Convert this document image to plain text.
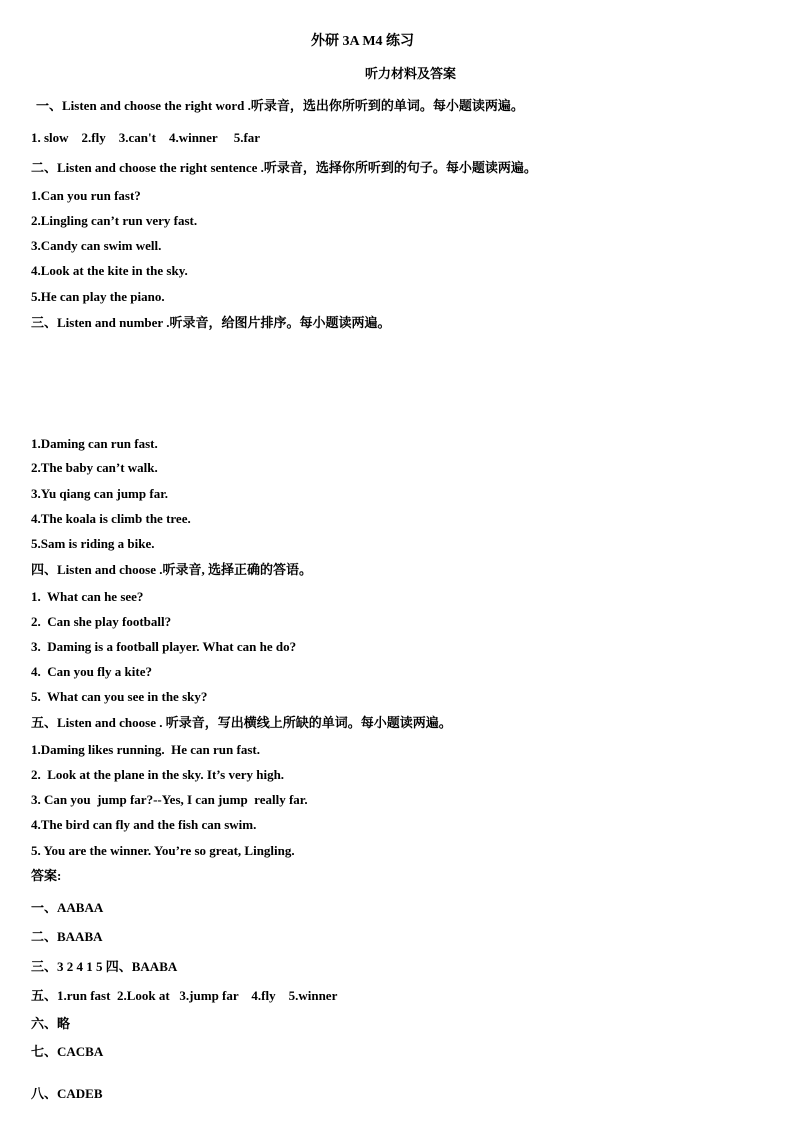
外研 3A M4 练习
听力材料及答案
一、Listen and choose the right word .听录音，选出你所听到的单词。每小题读两遍。
1. slow    2.fly    3.can't    4.winner     5.far
二、Listen and choose the right sentence .听录音，选择你所听到的句子。每小题读两遍。
1.Can you run fast?
2.Lingling can’t run very fast.
3.Candy can swim well.
4.Look at the kite in the sky.
5.He can play the piano.
三、Listen and number .听录音，给图片排序。每小题读两遍。
1.Daming can run fast.
2.The baby can’t walk.
3.Yu qiang can jump far.
4.The koala is climb the tree.
5.Sam is riding a bike.
四、Listen and choose .听录音, 选择正确的答语。
1.  What can he see?
2.  Can she play football?
3.  Daming is a football player. What can he do?
4.  Can you fly a kite?
5.  What can you see in the sky?
五、Listen and choose . 听录音，写出横线上所缺的单词。每小题读两遍。
1.Daming likes running.  He can run fast.
2.  Look at the plane in the sky. It’s very high.
3. Can you  jump far?--Yes, I can jump  really far.
4.The bird can fly and the fish can swim.
5. You are the winner. You’re so great, Lingling.
答案:
一、AABAA
二、BAABA
三、3 2 4 1 5 四、BAABA
五、1.run fast  2.Look at   3.jump far    4.fly    5.winner
六、略
七、CACBA
八、CADEB
